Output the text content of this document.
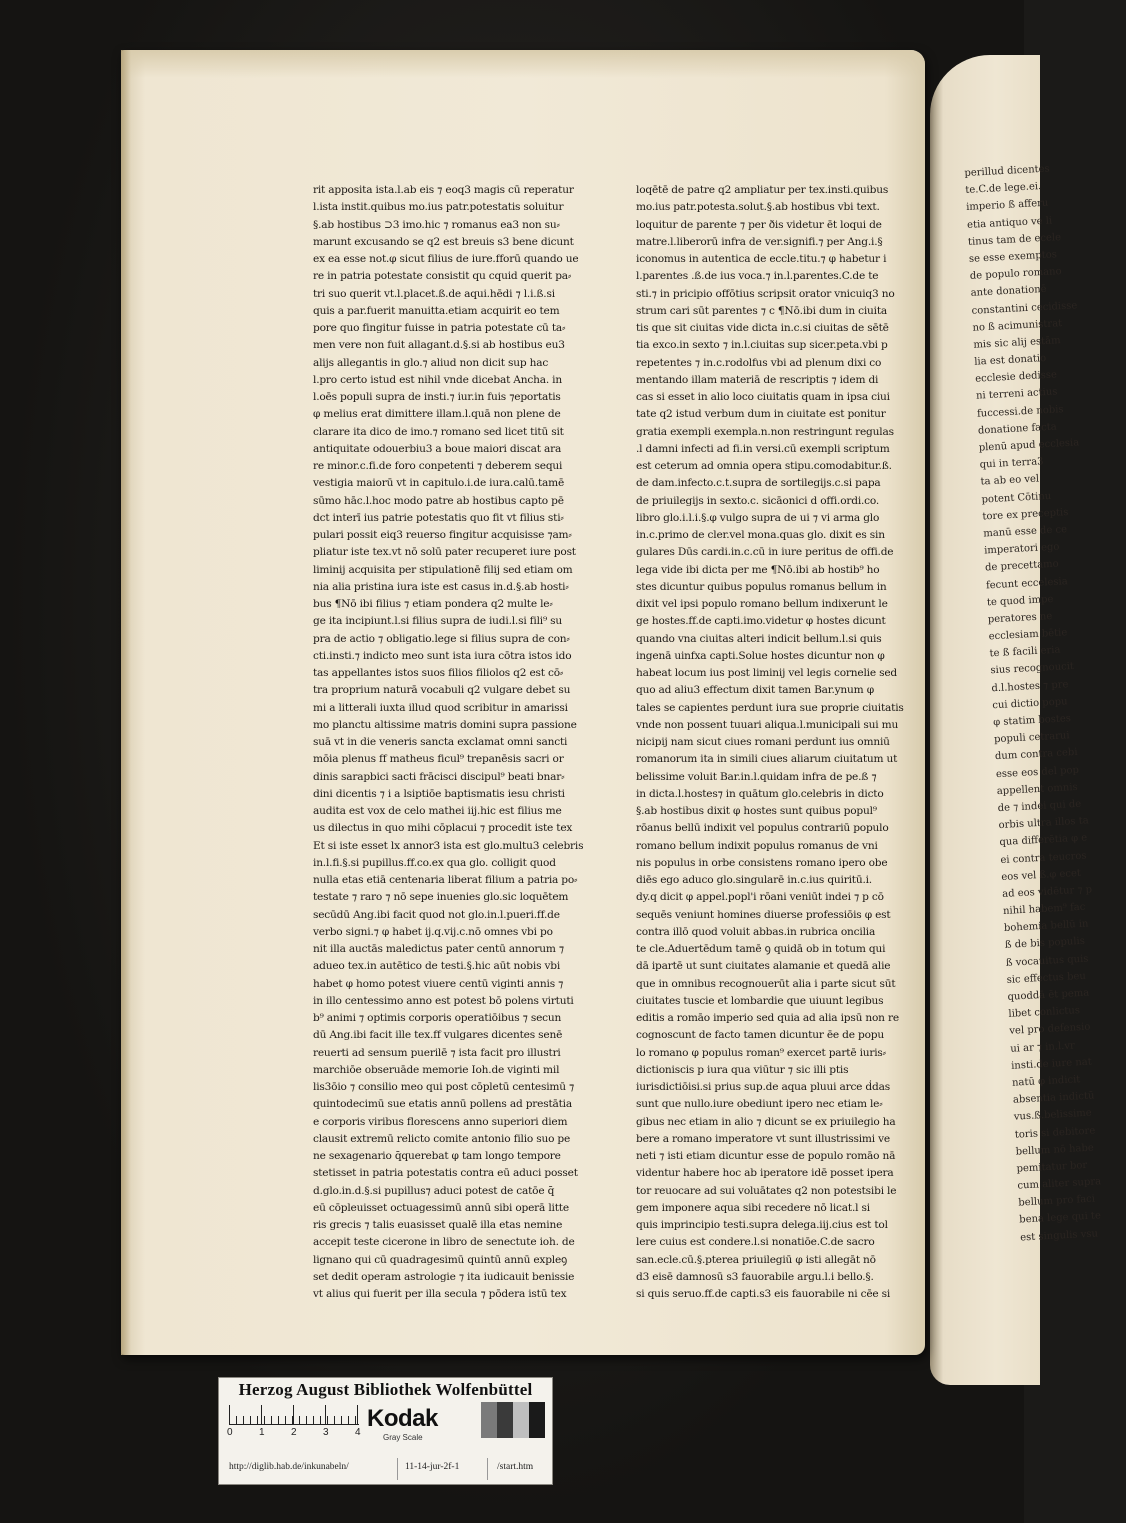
perillud dicentes
te.C.de lege.ei.
imperio ß afferu
etia antiquo ve li
tinus tam de ecele
se esse exemptos
de populo romano
ante donationē
constantini cecidisse
no ß acimunistrat
mis sic alij estām
lia est donatio
ecclesie dedisse
ni terreni actius
fuccessi.de nobis
donatione facta
plenū apud ecclesia
qui in terra3
ta ab eo vel
potent Cōtinu
tore ex preceptis
manū esse de ce
imperatori ego
de precettamo
fecunt eccelesia
te quod impe
peratores ne
ecclesiam bētie
te ß facili eria
sius recognoucit
d.l.hostes ⁊ pre
cui dictio popu
φ statim bostes
populi cetrarui
dum contra cebi
esse eos del pop
appellent omnis
de ⁊ indei qui de
orbis ultra illos ta
qua differētia φ e
ei contra teucros
eos vel ß.φ ecet
ad eos vidētur ⁊ p
nihil habem⁹ fac
bohemia bellū in
ß de bis populis
ß vocauitus quis
sic effectus beu
quoddā ēt pema
libet conlictus
vel pro defensio
ui ar ⁊ in.l.vr
insti.de iure nat
natū φ indicit
absentia indictū
vus.ß.belissime
toris si debitore
bellum nō habe
pemitatur bor
cum aliter supra
bellum pro faci
bena lege qui te
est singulis vsu
rit apposita ista.l.ab eis ⁊ eoq3 magis cū reperatur
l.ista instit.quibus mo.ius patr.potestatis soluitur
§.ab hostibus ⊃3 imo.hic ⁊ romanus ea3 non su⸗
marunt excusando se q2 est breuis s3 bene dicunt
ex ea esse not.φ sicut filius de iure.fforū quando ue
re in patria potestate consistit qu cquid querit pa⸗
tri suo querit vt.l.placet.ß.de aqui.hēdi ⁊ l.i.ß.si
quis a par.fuerit manuitta.etiam acquirit eo tem
pore quo fingitur fuisse in patria potestate cū ta⸗
men vere non fuit allagant.d.§.si ab hostibus eu3
alijs allegantis in glo.⁊ aliud non dicit sup hac
l.pro certo istud est nihil vnde dicebat Ancha. in
l.oēs populi supra de insti.⁊ iur.in fuis ⁊eportatis
φ melius erat dimittere illam.l.quā non plene de
clarare ita dico de imo.⁊ romano sed licet titū sit
antiquitate odouerbiu3 a boue maiori discat ara
re minor.c.fi.de foro conpetenti ⁊ deberem sequi
vestigia maiorū vt in capitulo.i.de iura.calū.tamē
sūmo hāc.l.hoc modo patre ab hostibus capto pē
dct interī ius patrie potestatis quo fit vt filius sti⸗
pulari possit eiq3 reuerso fingitur acquisisse ⁊am⸗
pliatur iste tex.vt nō solū pater recuperet iure post
liminij acquisita per stipulationē filij sed etiam om
nia alia pristina iura iste est casus in.d.§.ab hosti⸗
bus ¶Nō ibi filius ⁊ etiam pondera q2 multe le⸗
ge ita incipiunt.l.si filius supra de iudi.l.si fili⁹ su
pra de actio ⁊ obligatio.lege si filius supra de con⸗
cti.insti.⁊ indicto meo sunt ista iura cōtra istos ido
tas appellantes istos suos filios filiolos q2 est cō⸗
tra proprium naturā vocabuli q2 vulgare debet su
mi a litterali iuxta illud quod scribitur in amarissi
mo planctu altissime matris domini supra passione
suā vt in die veneris sancta exclamat omni sancti
mōia plenus ff matheus ficul⁹ trepanēsis sacri or
dinis sarapbici sacti frācisci discipul⁹ beati bnar⸗
dini dicentis ⁊ i a lsiptiōe baptismatis iesu christi
audita est vox de celo mathei iij.hic est filius me
us dilectus in quo mihi cōplacui ⁊ procedit iste tex
Et si iste esset lx annor3 ista est glo.multu3 celebris
in.l.fi.§.si pupillus.ff.co.ex qua glo. colligit quod
nulla etas etiā centenaria liberat filium a patria po⸗
testate ⁊ raro ⁊ nō sepe inuenies glo.sic loquētem
secūdū Ang.ibi facit quod not glo.in.l.pueri.ff.de
verbo signi.⁊ φ habet ij.q.vij.c.nō omnes vbi po
nit illa auctās maledictus pater centū annorum ⁊
adueo tex.in autētico de testi.§.hic aūt nobis vbi
habet φ homo potest viuere centū viginti annis ⁊
in illo centessimo anno est potest bō polens virtuti
b⁹ animi ⁊ optimis corporis operatiōibus ⁊ secun
dū Ang.ibi facit ille tex.ff vulgares dicentes senē
reuerti ad sensum puerilē ⁊ ista facit pro illustri
marchiōe obseruāde memorie Ioh.de viginti mil
lis3ōio ⁊ consilio meo qui post cōpletū centesimū ⁊
quintodecimū sue etatis annū pollens ad prestātia
e corporis viribus florescens anno superiori diem
clausit extremū relicto comite antonio filio suo pe
ne sexagenario q̄querebat φ tam longo tempore
stetisset in patria potestatis contra eū aduci posset
d.glo.in.d.§.si pupillus⁊ aduci potest de catōe q̄
eū cōpleuisset octuagessimū annū sibi operā litte
ris grecis ⁊ talis euasisset qualē illa etas nemine
accepit teste cicerone in libro de senectute ioh. de
lignano qui cū quadragesimū quintū annū expleꝯ
set dedit operam astrologie ⁊ ita iudicauit benissie
vt alius qui fuerit per illa secula ⁊ pōdera istū tex
loqētē de patre q2 ampliatur per tex.insti.quibus
mo.ius patr.potesta.solut.§.ab hostibus vbi text.
loquitur de parente ⁊ per ðis videtur ēt loqui de
matre.l.liberorū infra de ver.signifi.⁊ per Ang.i.§
iconomus in autentica de eccle.titu.⁊ φ habetur i
l.parentes .ß.de ius voca.⁊ in.l.parentes.C.de te
sti.⁊ in pricipio offōtius scripsit orator vnicuiq3 no
strum cari sūt parentes ⁊ c ¶Nō.ibi dum in ciuita
tis que sit ciuitas vide dicta in.c.si ciuitas de sētē
tia exco.in sexto ⁊ in.l.ciuitas sup sicer.peta.vbi p
repetentes ⁊ in.c.rodolfus vbi ad plenum dixi co
mentando illam materiā de rescriptis ⁊ idem di
cas si esset in alio loco ciuitatis quam in ipsa ciui
tate q2 istud verbum dum in ciuitate est ponitur
gratia exempli exempla.n.non restringunt regulas
.l damni infecti ad fi.in versi.cū exempli scriptum
est ceterum ad omnia opera stipu.comodabitur.ß.
de dam.infecto.c.t.supra de sortilegijs.c.si papa
de priuilegijs in sexto.c. sicāonici d offi.ordi.co.
libro glo.i.l.i.§.φ vulgo supra de ui ⁊ vi arma glo
in.c.primo de cler.vel mona.quas glo. dixit es sin
gulares Dūs cardi.in.c.cū in iure peritus de offi.de
lega vide ibi dicta per me ¶Nō.ibi ab hostib⁹ ho
stes dicuntur quibus populus romanus bellum in
dixit vel ipsi populo romano bellum indixerunt le
ge hostes.ff.de capti.imo.videtur φ hostes dicunt
quando vna ciuitas alteri indicit bellum.l.si quis
ingenā uinfxa capti.Solue hostes dicuntur non φ
habeat locum ius post liminij vel legis cornelie sed
quo ad aliu3 effectum dixit tamen Bar.ynum φ
tales se capientes perdunt iura sue proprie ciuitatis
vnde non possent tuuari aliqua.l.municipali sui mu
nicipij nam sicut ciues romani perdunt ius omniū
romanorum ita in simili ciues aliarum ciuitatum ut
belissime voluit Bar.in.l.quidam infra de pe.ß ⁊
in dicta.l.hostes⁊ in quātum glo.celebris in dicto
§.ab hostibus dixit φ hostes sunt quibus popul⁹
rōanus bellū indixit vel populus contrariū populo
romano bellum indixit populus romanus de vni
nis populus in orbe consistens romano ipero obe
diēs ego aduco glo.singularē in.c.ius quiritū.i.
dy.q dicit φ appel.popl'i rōani veniūt indei ⁊ p cō
sequēs veniunt homines diuerse professiōis φ est
contra illō quod voluit abbas.in rubrica oncilia
te cle.Aduertēdum tamē ꝯ quidā ob in totum qui
dā ipartē ut sunt ciuitates alamanie et quedā alie
que in omnibus recognouerūt alia i parte sicut sūt
ciuitates tuscie et lombardie que uiuunt legibus
editis a romāo imperio sed quia ad alia ipsū non re
cognoscunt de facto tamen dicuntur ēe de popu
lo romano φ populus roman⁹ exercet partē iuris⸗
dictioniscis p iura qua viūtur ⁊ sic illi ptis
iurisdictiōisi.si prius sup.de aqua pluui arce ḋdas
sunt que nullo.iure obediunt ipero nec etiam le⸗
gibus nec etiam in alio ⁊ dicunt se ex priuilegio ha
bere a romano imperatore vt sunt illustrissimi ve
neti ⁊ isti etiam dicuntur esse de populo romāo nā
videntur habere hoc ab iperatore idē posset ipera
tor reuocare ad sui voluātates q2 non potestsibi le
gem imponere aqua sibi recedere nō licat.l si
quis imprincipio testi.supra delega.iij.cius est tol
lere cuius est condere.l.si nonatiōe.C.de sacro
san.ecle.cū.§.pterea priuilegiū φ isti allegāt nō
d3 eisē damnosū s3 fauorabile argu.l.i bello.§.
si quis seruo.ff.de capti.s3 eis fauorabile ni cēe si
Herzog August Bibliothek Wolfenbüttel
0	1	2	3	4
Kodak
Gray Scale
http://diglib.hab.de/inkunabeln/	11-14-jur-2f-1	/start.htm
